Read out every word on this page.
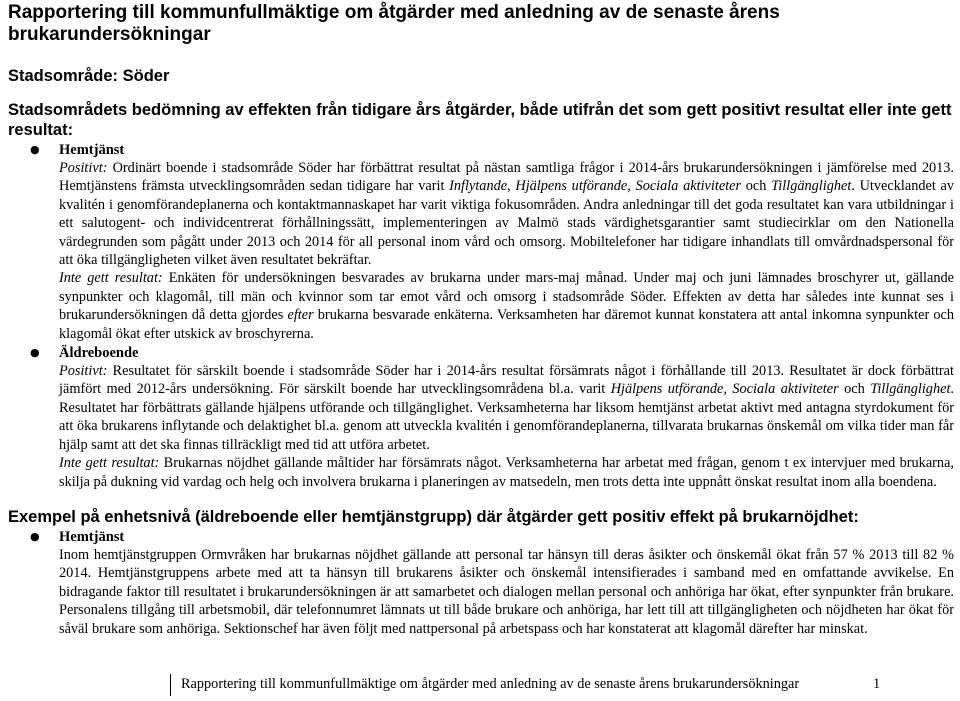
Rapportering till kommunfullmäktige om åtgärder med anledning av de senaste årens
brukarundersökningar
Stadsområde: Söder
Stadsområdets bedömning av effekten från tidigare års åtgärder, både utifrån det som gett positivt resultat eller inte gett resultat:
● Hemtjänst

Positivt: Ordinärt boende i stadsområde Söder har förbättrat resultat på nästan samtliga frågor i 2014-års brukarundersökningen i jämförelse med 2013. Hemtjänstens främsta utvecklingsområden sedan tidigare har varit Inflytande, Hjälpens utförande, Sociala aktiviteter och Tillgänglighet. Utvecklandet av kvalitén i genomförandeplanerna och kontaktmannaskapet har varit viktiga fokusområden. Andra anledningar till det goda resultatet kan vara utbildningar i ett salutogent- och individcentrerat förhållningssätt, implementeringen av Malmö stads värdighetsgarantier samt studiecirklar om den Nationella värdegrunden som pågått under 2013 och 2014 för all personal inom vård och omsorg. Mobiltelefoner har tidigare inhandlats till omvårdnadspersonal för att öka tillgängligheten vilket även resultatet bekräftar.

Inte gett resultat: Enkäten för undersökningen besvarades av brukarna under mars-maj månad. Under maj och juni lämnades broschyrer ut, gällande synpunkter och klagomål, till män och kvinnor som tar emot vård och omsorg i stadsområde Söder. Effekten av detta har således inte kunnat ses i brukarundersökningen då detta gjordes efter brukarna besvarade enkäterna. Verksamheten har däremot kunnat konstatera att antal inkomna synpunkter och klagomål ökat efter utskick av broschyrerna.

● Äldreboende

Positivt: Resultatet för särskilt boende i stadsområde Söder har i 2014-års resultat försämrats något i förhållande till 2013. Resultatet är dock förbättrat jämfört med 2012-års undersökning. För särskilt boende har utvecklingsområdena bl.a. varit Hjälpens utförande, Sociala aktiviteter och Tillgänglighet. Resultatet har förbättrats gällande hjälpens utförande och tillgänglighet. Verksamheterna har liksom hemtjänst arbetat aktivt med antagna styrdokument för att öka brukarens inflytande och delaktighet bl.a. genom att utveckla kvalitén i genomförandeplanerna, tillvarata brukarnas önskemål om vilka tider man får hjälp samt att det ska finnas tillräckligt med tid att utföra arbetet.

Inte gett resultat: Brukarnas nöjdhet gällande måltider har försämrats något. Verksamheterna har arbetat med frågan, genom t ex intervjuer med brukarna, skilja på dukning vid vardag och helg och involvera brukarna i planeringen av matsedeln, men trots detta inte uppnått önskat resultat inom alla boendena.

Exempel på enhetsnivå (äldreboende eller hemtjänstgrupp) där åtgärder gett positiv effekt på brukarnöjdhet:
● Hemtjänst

Inom hemtjänstgruppen Ormvråken har brukarnas nöjdhet gällande att personal tar hänsyn till deras åsikter och önskemål ökat från 57 % 2013 till 82 % 2014. Hemtjänstgruppens arbete med att ta hänsyn till brukarens åsikter och önskemål intensifierades i samband med en omfattande avvikelse. En bidragande faktor till resultatet i brukarundersökningen är att samarbetet och dialogen mellan personal och anhöriga har ökat, efter synpunkter från brukare. Personalens tillgång till arbetsmobil, där telefonnumret lämnats ut till både brukare och anhöriga, har lett till att tillgängligheten och nöjdheten har ökat för såväl brukare som anhöriga. Sektionschef har även följt med nattpersonal på arbetspass och har konstaterat att klagomål därefter har minskat.

Rapportering till kommunfullmäktige om åtgärder med anledning av de senaste årens brukarundersökningar	1
